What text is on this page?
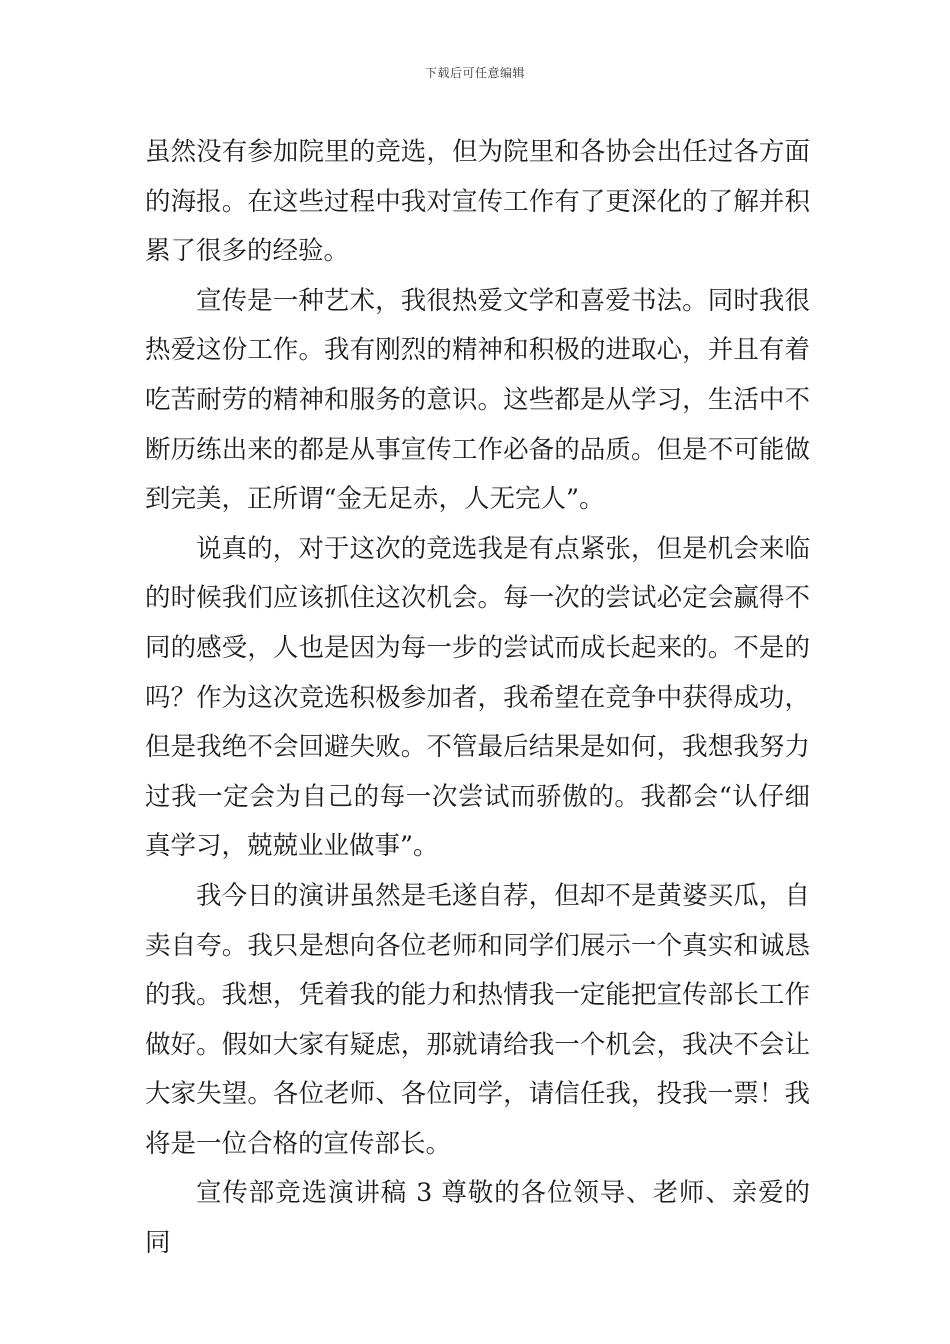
下载后可任意编辑

虽然没有参加院里的竞选，但为院里和各协会出任过各方面的海报。在这些过程中我对宣传工作有了更深化的了解并积累了很多的经验。

宣传是一种艺术，我很热爱文学和喜爱书法。同时我很热爱这份工作。我有刚烈的精神和积极的进取心，并且有着吃苦耐劳的精神和服务的意识。这些都是从学习，生活中不断历练出来的都是从事宣传工作必备的品质。但是不可能做到完美，正所谓“金无足赤，人无完人”。

说真的，对于这次的竞选我是有点紧张，但是机会来临的时候我们应该抓住这次机会。每一次的尝试必定会赢得不同的感受，人也是因为每一步的尝试而成长起来的。不是的吗？作为这次竞选积极参加者，我希望在竞争中获得成功，但是我绝不会回避失败。不管最后结果是如何，我想我努力过我一定会为自己的每一次尝试而骄傲的。我都会“认仔细真学习，兢兢业业做事”。

我今日的演讲虽然是毛遂自荐，但却不是黄婆买瓜，自卖自夸。我只是想向各位老师和同学们展示一个真实和诚恳的我。我想，凭着我的能力和热情我一定能把宣传部长工作做好。假如大家有疑虑，那就请给我一个机会，我决不会让大家失望。各位老师、各位同学，请信任我，投我一票！我将是一位合格的宣传部长。

宣传部竞选演讲稿 3 尊敬的各位领导、老师、亲爱的同
